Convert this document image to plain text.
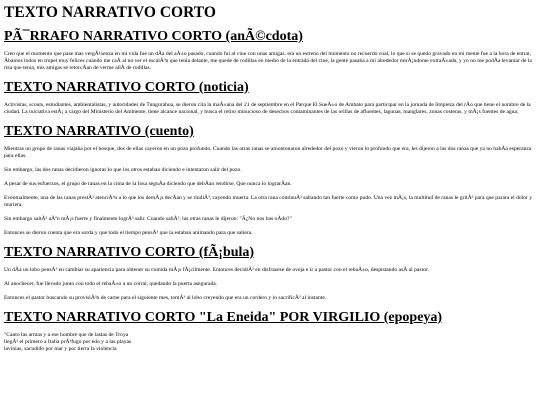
TEXTO NARRATIVO CORTO
PÃ¯RRAFO NARRATIVO CORTO (anÃ©cdota)

Creo que el momento que pase mas vergÃ¼enza en mi vida fue un dÃa del aÃ±o pasado, cuando fui al cine con unas amigas. era un estreno del momento no recuerdo cual, lo que si se quedo gravado en mi mente fue a la hora de entrar, Ãbamos todos en tropel muy felices cuando me caÃ al no ver el escalÃ³n que tenia delante, me quede de rodillas en medio de la entrada del cine, la gente pasaba a mi alrededor mirÃ¡ndome extraÃ±ada, y yo no me podÃa levantar de la risa que tenia, mis amigas se retorcÃan de verme allÃ de rodillas.

TEXTO NARRATIVO CORTO (noticia)

Activistas, scouts, estudiantes, ambientalistas, y autoridades de Tungurahua, se dieron cita la maÃ±ana del 21 de septiembre en el Parque El SueÃ±o de Ambato para participar en la jornada de limpieza del rÃo que tiene el nombre de la ciudad. La iniciativa estÃ¡ a cargo del Ministerio del Ambiente, tiene alcance nacional, y busca el retiro minucioso de desechos contaminantes de las orillas de afluentes, lagunas, manglares, zonas costeras, y mÃ¡s fuentes de agua.

TEXTO NARRATIVO (cuento)

Mientras un grupo de ranas viajaba por el bosque, dos de ellas cayeron en un pozo profundo. Cuando las otras ranas se amontonaron alrededor del pozo y vieron lo profundo que era, les dijeron a las dos ranas que ya no habÃa esperanza para ellas.

Sin embargo, las dos ranas decidieron ignorar lo que los otros estaban diciendo e intentaron salir del pozo.

A pesar de sus esfuerzos, el grupo de ranas en la cima de la fosa seguÃa diciendo que debÃan rendirse. Que nunca lo lograrÃan.

Eventualmente, una de las ranas prestÃ³ atenciÃ³n a lo que los demÃ¡s decÃan y se rindiÃ³, cayendo muerta. La otra rana continuÃ³ saltando tan fuerte como pudo. Una vez mÃ¡s, la multitud de ranas le gritÃ³ para que parara el dolor y muriera.

Sin embargo saltÃ³ aÃºn mÃ¡s fuerte y finalmente logrÃ³ salir. Cuando saliÃ³, las otras ranas le dijeron: "Â¿No nos has oÃdo?"

Entonces se dieron cuenta que era sorda y que todo el tiempo pensÃ³ que la estaban animando para que saliera.

TEXTO NARRATIVO CORTO (fÃ¡bula)

Un dÃa un lobo pensÃ³ en cambiar su apariencia para obtener su comida mÃ¡s fÃ¡cilmente. Entonces decidiÃ³ en disfrazese de oveja e ir a pastor con el rebaÃ±o, despistando asÃ al pastor.

Al anochecer, fue llevado junto con todo el rebaÃ±o a un corral, quedando la puerta asegurada.

Entonces el pastor buscando su provisiÃ³n de carne para el siguiente mes, tomÃ³ al lobo creyendo que era un cordero y lo sacrificÃ³ al instante.

TEXTO NARRATIVO CORTO "La Eneida" POR VIRGILIO (epopeya)

"Canto las armas y a ese hombre que de lastas de Troya

llegÃ³ el primero a Italia prÃ³fugo por edo y a las playas

lavinias, sacudido por mar y por tierra la violencia
